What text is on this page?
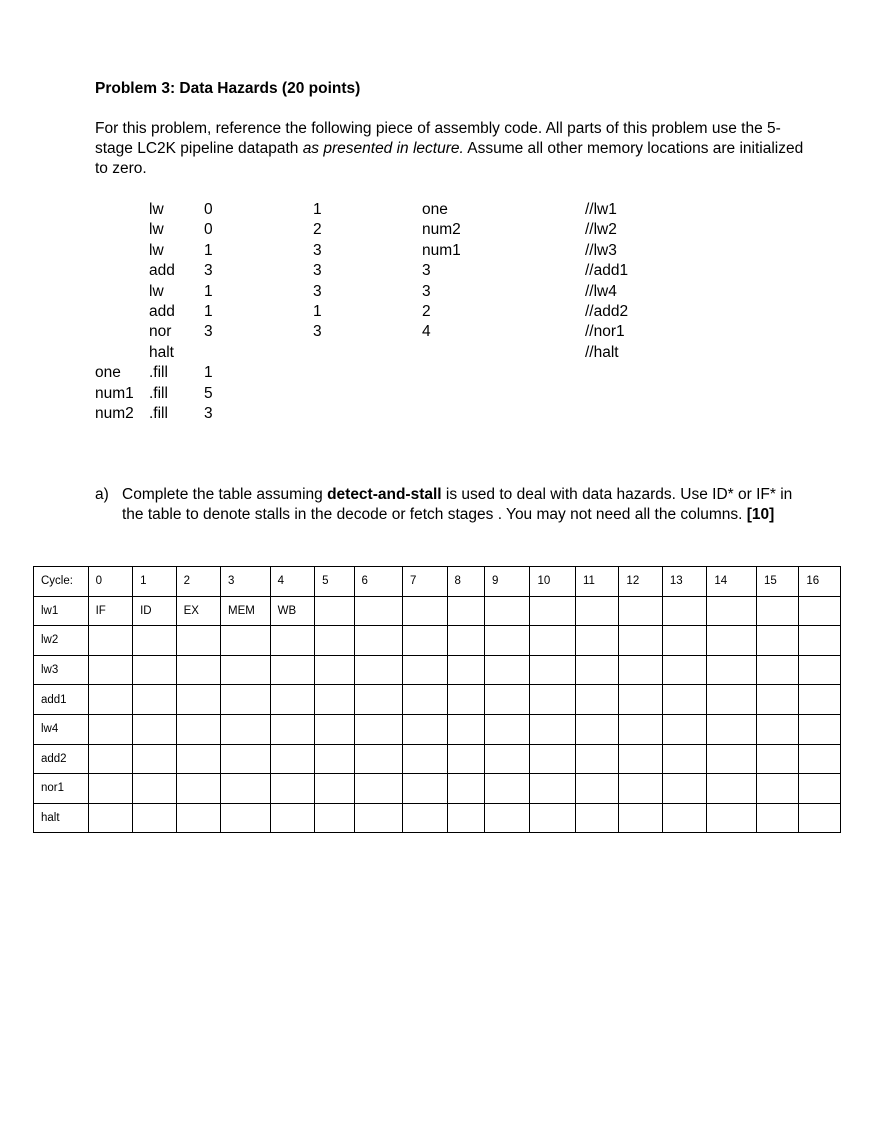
Problem 3: Data Hazards (20 points)
For this problem, reference the following piece of assembly code. All parts of this problem use the 5-stage LC2K pipeline datapath as presented in lecture. Assume all other memory locations are initialized to zero.
lw	0	1	one	//lw1
lw	0	2	num2	//lw2
lw	1	3	num1	//lw3
add 3	3	3	//add1
lw	1	3	3	//lw4
add 1	1	2	//add2
nor 3	3	4	//nor1
halt	//halt
one .fill 1
num1 .fill 5
num2 .fill 3
a) Complete the table assuming detect-and-stall is used to deal with data hazards. Use ID* or IF* in the table to denote stalls in the decode or fetch stages . You may not need all the columns. [10]
Cycle:	0	1	2	3	4	5	6	7	8	9	10	11	12	13	14	15	16
lw1	IF	ID	EX	MEM	WB												
lw2																	
lw3																	
add1																	
lw4																	
add2																	
nor1																	
halt																	
